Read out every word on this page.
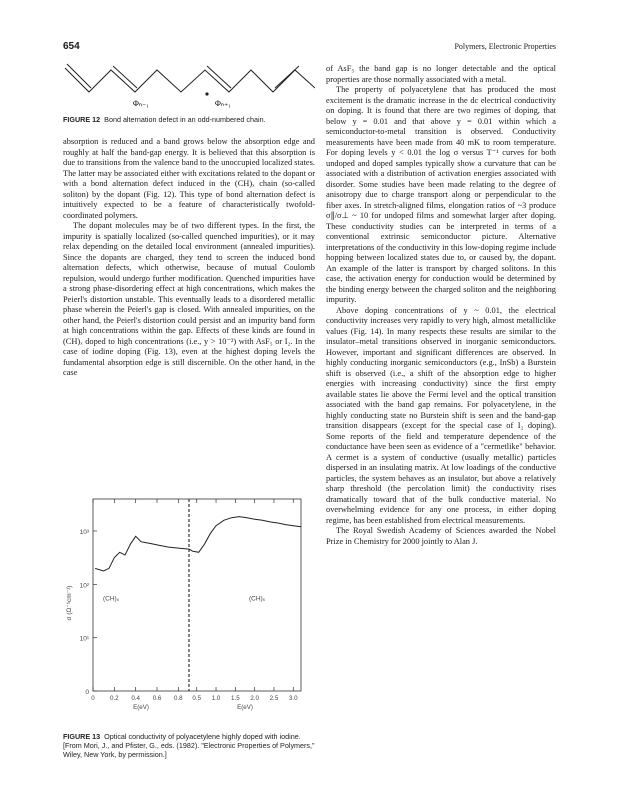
654	Polymers, Electronic Properties
Φₙ₋₁	Φₙ₊₁
FIGURE 12 Bond alternation defect in an odd-numbered chain.

absorption is reduced and a band grows below the absorption edge and roughly at half the band-gap energy. It is believed that this absorption is due to transitions from the valence band to the unoccupied localized states. The latter may be associated either with excitations related to the dopant or with a bond alternation defect induced in the (CH)ₓ chain (so-called soliton) by the dopant (Fig. 12). This type of bond alternation defect is intuitively expected to be a feature of characteristically twofold-coordinated polymers.

The dopant molecules may be of two different types. In the first, the impurity is spatially localized (so-called quenched impurities), or it may relax depending on the detailed local environment (annealed impurities). Since the dopants are charged, they tend to screen the induced bond alternation defects, which otherwise, because of mutual Coulomb repulsion, would undergo further modification. Quenched impurities have a strong phase-disordering effect at high concentrations, which makes the Peierl's distortion unstable. This eventually leads to a disordered metallic phase wherein the Peierl's gap is closed. With annealed impurities, on the other hand, the Peierl's distortion could persist and an impurity band form at high concentrations within the gap. Effects of these kinds are found in (CH)ₓ doped to high concentrations (i.e., y > 10⁻²) with AsF₅ or I₂. In the case of iodine doping (Fig. 13), even at the highest doping levels the fundamental absorption edge is still discernible. On the other hand, in the case

0
10¹
10²
10³
σ (Ω⁻¹cm⁻¹)
0 0.2 0.4 0.6 0.8
E(eV)
(CH)ₓ
0.5 1.0 1.5 2.0 2.5 3.0
E(eV)
(CH)ₓ
FIGURE 13 Optical conductivity of polyacetylene highly doped with iodine. [From Mori, J., and Pfister, G., eds. (1982). "Electronic Properties of Polymers," Wiley, New York, by permission.]

of AsF₅ the band gap is no longer detectable and the optical properties are those normally associated with a metal.

The property of polyacetylene that has produced the most excitement is the dramatic increase in the dc electrical conductivity on doping. It is found that there are two regimes of doping, that below y = 0.01 and that above y = 0.01 within which a semiconductor-to-metal transition is observed. Conductivity measurements have been made from 40 mK to room temperature. For doping levels y < 0.01 the log σ versus T⁻¹ curves for both undoped and doped samples typically show a curvature that can be associated with a distribution of activation energies associated with disorder. Some studies have been made relating to the degree of anisotropy due to charge transport along or perpendicular to the fiber axes. In stretch-aligned films, elongation ratios of ~3 produce σ∥/σ⊥ ~ 10 for undoped films and somewhat larger after doping. These conductivity studies can be interpreted in terms of a conventional extrinsic semiconductor picture. Alternative interpretations of the conductivity in this low-doping regime include hopping between localized states due to, or caused by, the dopant. An example of the latter is transport by charged solitons. In this case, the activation energy for conduction would be determined by the binding energy between the charged soliton and the neighboring impurity.

Above doping concentrations of y ~ 0.01, the electrical conductivity increases very rapidly to very high, almost metalliclike values (Fig. 14). In many respects these results are similar to the insulator–metal transitions observed in inorganic semiconductors. However, important and significant differences are observed. In highly conducting inorganic semiconductors (e.g., InSb) a Burstein shift is observed (i.e., a shift of the absorption edge to higher energies with increasing conductivity) since the first empty available states lie above the Fermi level and the optical transition associated with the band gap remains. For polyacetylene, in the highly conducting state no Burstein shift is seen and the band-gap transition disappears (except for the special case of I₂ doping). Some reports of the field and temperature dependence of the conductance have been seen as evidence of a "cermetlike" behavior. A cermet is a system of conductive (usually metallic) particles dispersed in an insulating matrix. At low loadings of the conductive particles, the system behaves as an insulator, but above a relatively sharp threshold (the percolation limit) the conductivity rises dramatically toward that of the bulk conductive material. No overwhelming evidence for any one process, in either doping regime, has been established from electrical measurements.

The Royal Swedish Academy of Sciences awarded the Nobel Prize in Chemistry for 2000 jointly to Alan J.
